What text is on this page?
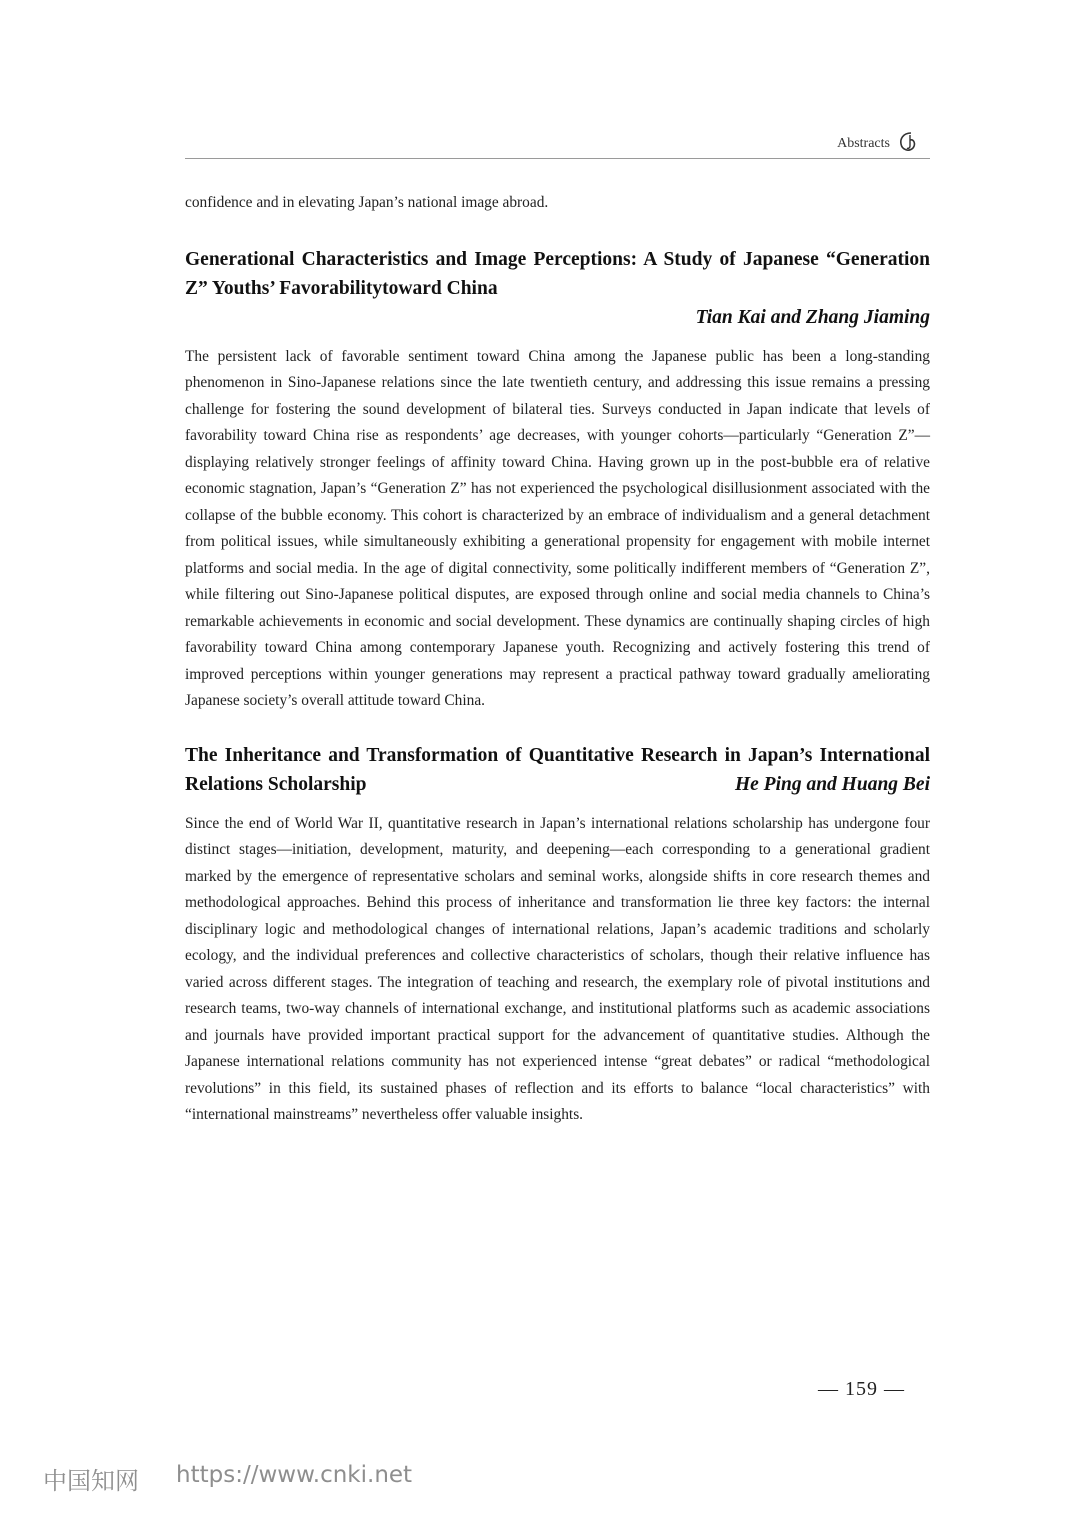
Abstracts

confidence and in elevating Japan’s national image abroad.

Generational Characteristics and Image Perceptions: A Study of Japanese “Generation Z” Youths’ Favorabilitytoward China
Tian Kai and Zhang Jiaming

The persistent lack of favorable sentiment toward China among the Japanese public has been a long-standing phenomenon in Sino-Japanese relations since the late twentieth century, and addressing this issue remains a pressing challenge for fostering the sound development of bilateral ties. Surveys conducted in Japan indicate that levels of favorability toward China rise as respondents’ age decreases, with younger cohorts—particularly “Generation Z”—displaying relatively stronger feelings of affinity toward China. Having grown up in the post-bubble era of relative economic stagnation, Japan’s “Generation Z” has not experienced the psychological disillusionment associated with the collapse of the bubble economy. This cohort is characterized by an embrace of individualism and a general detachment from political issues, while simultaneously exhibiting a generational propensity for engagement with mobile internet platforms and social media. In the age of digital connectivity, some politically indifferent members of “Generation Z”, while filtering out Sino-Japanese political disputes, are exposed through online and social media channels to China’s remarkable achievements in economic and social development. These dynamics are continually shaping circles of high favorability toward China among contemporary Japanese youth. Recognizing and actively fostering this trend of improved perceptions within younger generations may represent a practical pathway toward gradually ameliorating Japanese society’s overall attitude toward China.

The Inheritance and Transformation of Quantitative Research in Japan’s International Relations Scholarship	He Ping and Huang Bei

Since the end of World War II, quantitative research in Japan’s international relations scholarship has undergone four distinct stages—initiation, development, maturity, and deepening—each corresponding to a generational gradient marked by the emergence of representative scholars and seminal works, alongside shifts in core research themes and methodological approaches. Behind this process of inheritance and transformation lie three key factors: the internal disciplinary logic and methodological changes of international relations, Japan’s academic traditions and scholarly ecology, and the individual preferences and collective characteristics of scholars, though their relative influence has varied across different stages. The integration of teaching and research, the exemplary role of pivotal institutions and research teams, two-way channels of international exchange, and institutional platforms such as academic associations and journals have provided important practical support for the advancement of quantitative studies. Although the Japanese international relations community has not experienced intense “great debates” or radical “methodological revolutions” in this field, its sustained phases of reflection and its efforts to balance “local characteristics” with “international mainstreams” nevertheless offer valuable insights.

— 159 —
中国知网 https://www.cnki.net
